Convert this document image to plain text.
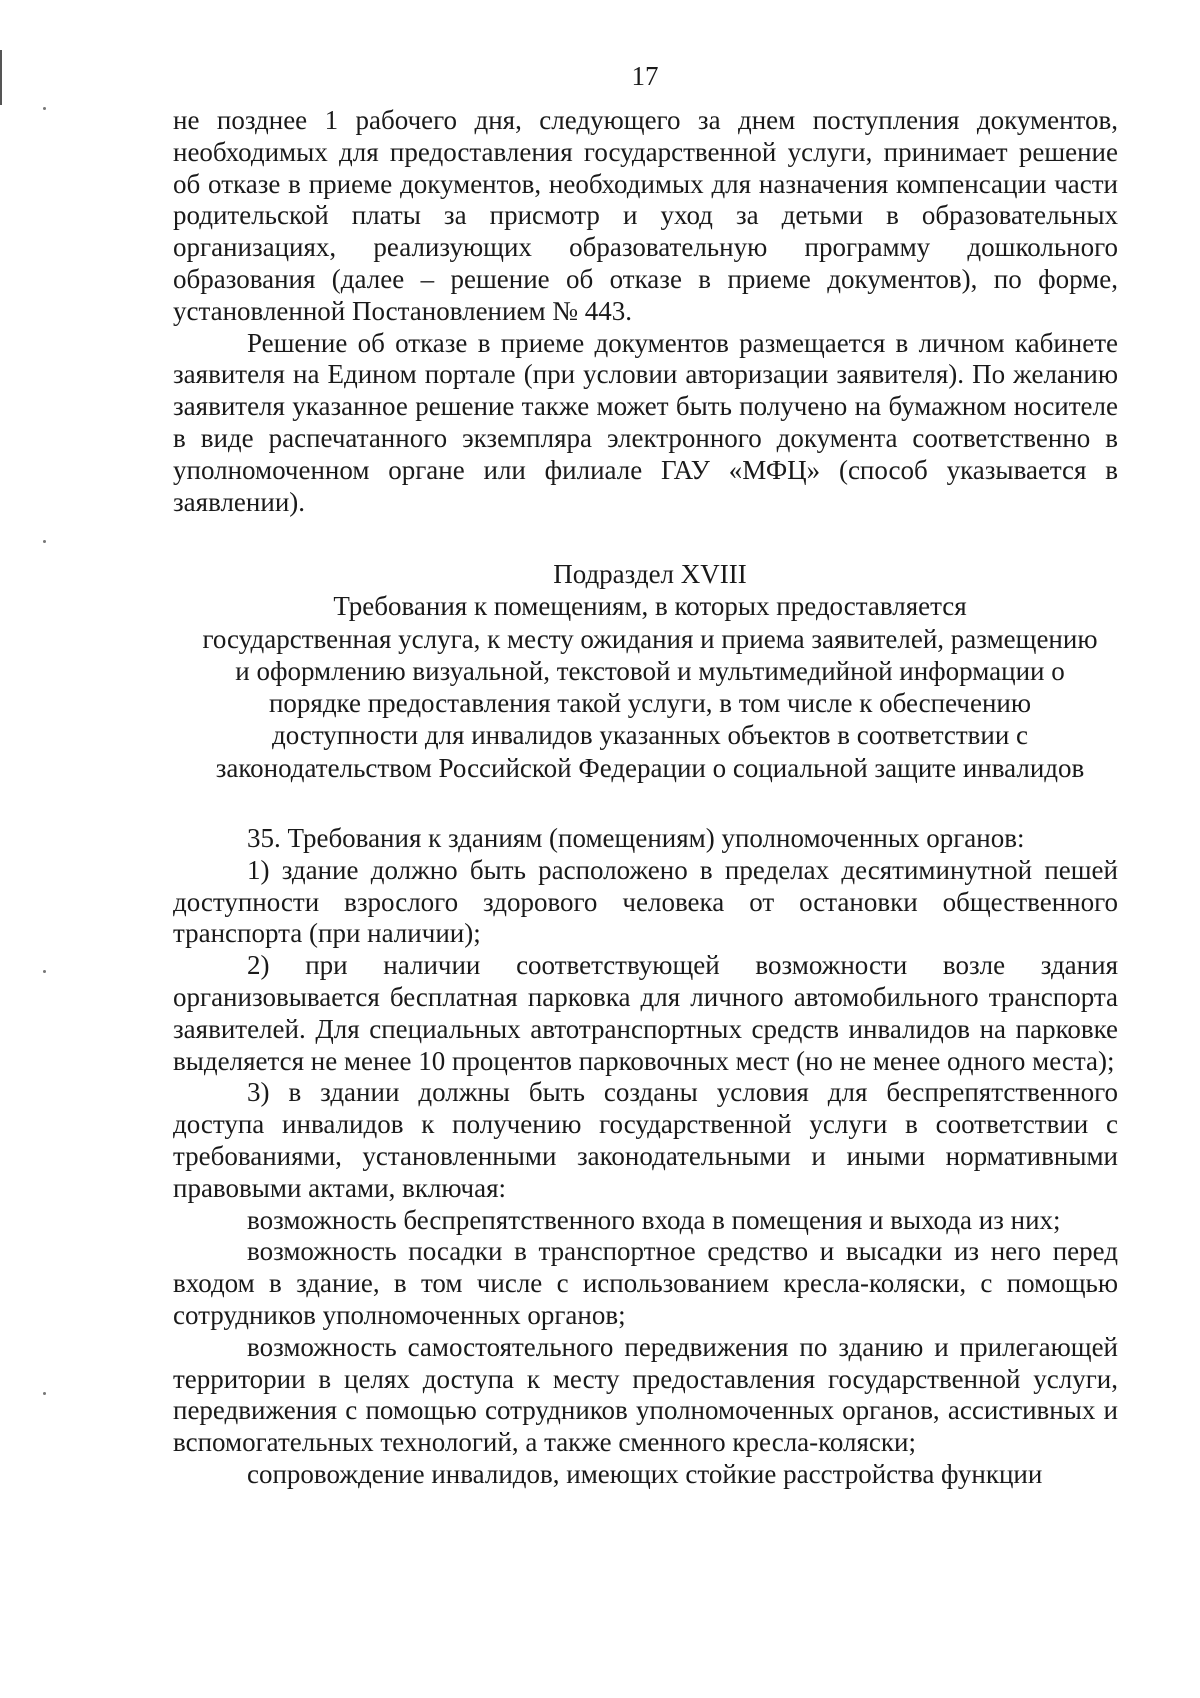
17

не позднее 1 рабочего дня, следующего за днем поступления документов, необходимых для предоставления государственной услуги, принимает решение об отказе в приеме документов, необходимых для назначения компенсации части родительской платы за присмотр и уход за детьми в образовательных организациях, реализующих образовательную программу дошкольного образования (далее – решение об отказе в приеме документов), по форме, установленной Постановлением № 443.

Решение об отказе в приеме документов размещается в личном кабинете заявителя на Едином портале (при условии авторизации заявителя). По желанию заявителя указанное решение также может быть получено на бумажном носителе в виде распечатанного экземпляра электронного документа соответственно в уполномоченном органе или филиале ГАУ «МФЦ» (способ указывается в заявлении).

Подраздел XVIII
Требования к помещениям, в которых предоставляется
государственная услуга, к месту ожидания и приема заявителей, размещению
и оформлению визуальной, текстовой и мультимедийной информации о
порядке предоставления такой услуги, в том числе к обеспечению
доступности для инвалидов указанных объектов в соответствии с
законодательством Российской Федерации о социальной защите инвалидов

35. Требования к зданиям (помещениям) уполномоченных органов:

1) здание должно быть расположено в пределах десятиминутной пешей доступности взрослого здорового человека от остановки общественного транспорта (при наличии);

2) при наличии соответствующей возможности возле здания организовывается бесплатная парковка для личного автомобильного транспорта заявителей. Для специальных автотранспортных средств инвалидов на парковке выделяется не менее 10 процентов парковочных мест (но не менее одного места);

3) в здании должны быть созданы условия для беспрепятственного доступа инвалидов к получению государственной услуги в соответствии с требованиями, установленными законодательными и иными нормативными правовыми актами, включая:

возможность беспрепятственного входа в помещения и выхода из них;

возможность посадки в транспортное средство и высадки из него перед входом в здание, в том числе с использованием кресла-коляски, с помощью сотрудников уполномоченных органов;

возможность самостоятельного передвижения по зданию и прилегающей территории в целях доступа к месту предоставления государственной услуги, передвижения с помощью сотрудников уполномоченных органов, ассистивных и вспомогательных технологий, а также сменного кресла-коляски;

сопровождение инвалидов, имеющих стойкие расстройства функции
